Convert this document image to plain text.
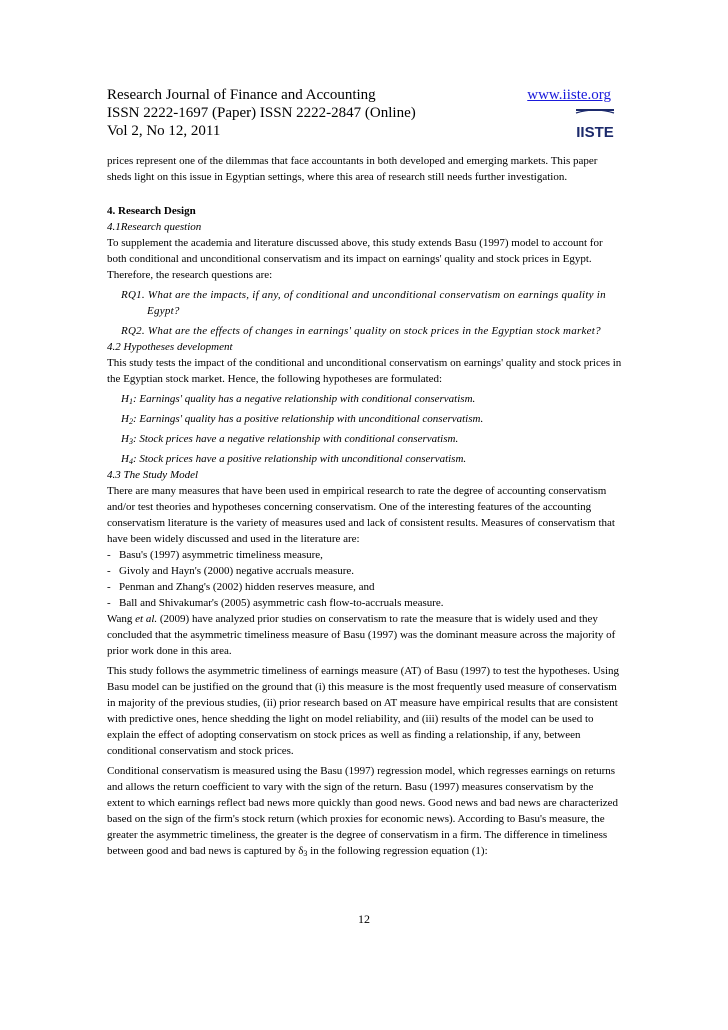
Research Journal of Finance and Accounting
ISSN 2222-1697 (Paper) ISSN 2222-2847 (Online)
Vol 2, No 12, 2011
www.iiste.org
IISTE

prices represent one of the dilemmas that face accountants in both developed and emerging markets. This paper sheds light on this issue in Egyptian settings, where this area of research still needs further investigation.

4. Research Design

4.1Research question

To supplement the academia and literature discussed above, this study extends Basu (1997) model to account for both conditional and unconditional conservatism and its impact on earnings' quality and stock prices in Egypt. Therefore, the research questions are:

RQ1. What are the impacts, if any, of conditional and unconditional conservatism on earnings quality in
Egypt?

RQ2. What are the effects of changes in earnings' quality on stock prices in the Egyptian stock market?

4.2 Hypotheses development

This study tests the impact of the conditional and unconditional conservatism on earnings' quality and stock prices in the Egyptian stock market. Hence, the following hypotheses are formulated:

$H_1$: Earnings' quality has a negative relationship with conditional conservatism.

$H_2$: Earnings' quality has a positive relationship with unconditional conservatism.

$H_3$: Stock prices have a negative relationship with conditional conservatism.

$H_4$: Stock prices have a positive relationship with unconditional conservatism.

4.3 The Study Model

There are many measures that have been used in empirical research to rate the degree of accounting conservatism and/or test theories and hypotheses concerning conservatism. One of the interesting features of the accounting conservatism literature is the variety of measures used and lack of consistent results. Measures of conservatism that have been widely discussed and used in the literature are:

- Basu's (1997) asymmetric timeliness measure,

- Givoly and Hayn's (2000) negative accruals measure.

- Penman and Zhang's (2002) hidden reserves measure, and

- Ball and Shivakumar's (2005) asymmetric cash flow-to-accruals measure.

Wang et al. (2009) have analyzed prior studies on conservatism to rate the measure that is widely used and they concluded that the asymmetric timeliness measure of Basu (1997) was the dominant measure across the majority of prior work done in this area.

This study follows the asymmetric timeliness of earnings measure (AT) of Basu (1997) to test the hypotheses. Using Basu model can be justified on the ground that (i) this measure is the most frequently used measure of conservatism in majority of the previous studies, (ii) prior research based on AT measure have empirical results that are consistent with predictive ones, hence shedding the light on model reliability, and (iii) results of the model can be used to explain the effect of adopting conservatism on stock prices as well as finding a relationship, if any, between conditional conservatism and stock prices.

Conditional conservatism is measured using the Basu (1997) regression model, which regresses earnings on returns and allows the return coefficient to vary with the sign of the return. Basu (1997) measures conservatism by the extent to which earnings reflect bad news more quickly than good news. Good news and bad news are characterized based on the sign of the firm's stock return (which proxies for economic news). According to Basu's measure, the greater the asymmetric timeliness, the greater is the degree of conservatism in a firm. The difference in timeliness between good and bad news is captured by $\delta_3$ in the following regression equation (1):

12
